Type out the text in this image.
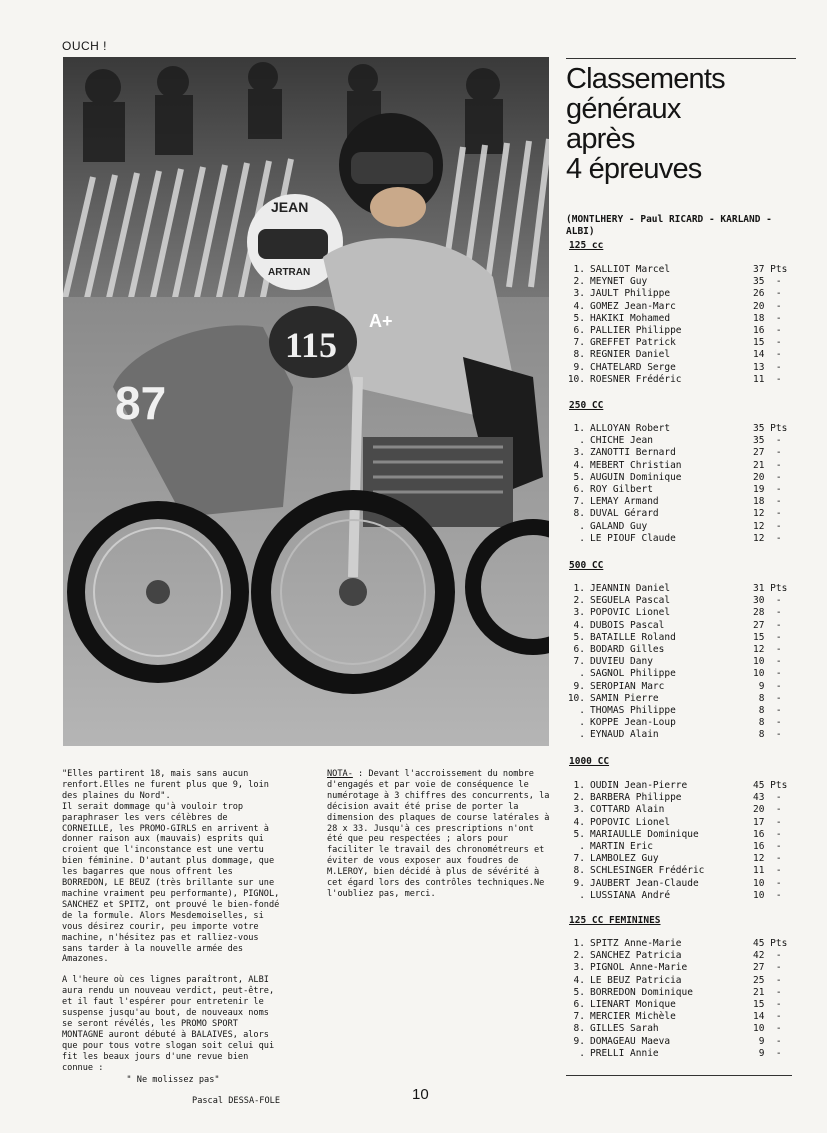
OUCH !
87
JEAN
ARTRAN
A+
115
Classements
généraux
après
4 épreuves
(MONTLHERY - Paul RICARD - KARLAND - ALBI)
125 cc
1. SALLIOT Marcel	37 Pts
2. MEYNET Guy	35  -
3. JAULT Philippe	26  -
4. GOMEZ Jean-Marc	20  -
5. HAKIKI Mohamed	18  -
6. PALLIER Philippe	16  -
7. GREFFET Patrick	15  -
8. REGNIER Daniel	14  -
9. CHATELARD Serge	13  -
10. ROESNER Frédéric	11  -
250 CC
1. ALLOYAN Robert	35 Pts
. CHICHE Jean	35  -
3. ZANOTTI Bernard	27  -
4. MEBERT Christian	21  -
5. AUGUIN Dominique	20  -
6. ROY Gilbert	19  -
7. LEMAY Armand	18  -
8. DUVAL Gérard	12  -
. GALAND Guy	12  -
. LE PIOUF Claude	12  -
500 CC
1. JEANNIN Daniel	31 Pts
2. SEGUELA Pascal	30  -
3. POPOVIC Lionel	28  -
4. DUBOIS Pascal	27  -
5. BATAILLE Roland	15  -
6. BODARD Gilles	12  -
7. DUVIEU Dany	10  -
. SAGNOL Philippe	10  -
9. SEROPIAN Marc	9  -
10. SAMIN Pierre	8  -
. THOMAS Philippe	8  -
. KOPPE Jean-Loup	8  -
. EYNAUD Alain	8  -
1000 CC
1. OUDIN Jean-Pierre	45 Pts
2. BARBERA Philippe	43  -
3. COTTARD Alain	20  -
4. POPOVIC Lionel	17  -
5. MARIAULLE Dominique	16  -
. MARTIN Eric	16  -
7. LAMBOLEZ Guy	12  -
8. SCHLESINGER Frédéric	11  -
9. JAUBERT Jean-Claude	10  -
. LUSSIANA André	10  -
125 CC FEMININES
1. SPITZ Anne-Marie	45 Pts
2. SANCHEZ Patricia	42  -
3. PIGNOL Anne-Marie	27  -
4. LE BEUZ Patricia	25  -
5. BORREDON Dominique	21  -
6. LIENART Monique	15  -
7. MERCIER Michèle	14  -
8. GILLES Sarah	10  -
9. DOMAGEAU Maeva	9  -
. PRELLI Annie	9  -

"Elles partirent 18, mais sans aucun renfort.Elles ne furent plus que 9, loin des plaines du Nord".

Il serait dommage qu'à vouloir trop paraphraser les vers célèbres de CORNEILLE, les PROMO-GIRLS en arrivent à donner raison aux (mauvais) esprits qui croient que l'inconstance est une vertu bien féminine. D'autant plus dommage, que les bagarres que nous offrent les BORREDON, LE BEUZ (très brillante sur une machine vraiment peu performante), PIGNOL, SANCHEZ et SPITZ, ont prouvé le bien-fondé de la formule. Alors Mesdemoiselles, si vous désirez courir, peu importe votre machine, n'hésitez pas et ralliez-vous sans tarder à la nouvelle armée des Amazones.

A l'heure où ces lignes paraîtront, ALBI aura rendu un nouveau verdict, peut-être, et il faut l'espérer pour entretenir le suspense jusqu'au bout, de nouveaux noms se seront révélés, les PROMO SPORT MONTAGNE auront débuté à BALAIVES, alors que pour tous votre slogan soit celui qui fit les beaux jours d'une revue bien connue :

" Ne molissez pas"

Pascal DESSA-FOLE

NOTA- : Devant l'accroissement du nombre d'engagés et par voie de conséquence le numérotage à 3 chiffres des concurrents, la décision avait été prise de porter la dimension des plaques de course latérales à 28 x 33. Jusqu'à ces prescriptions n'ont été que peu respectées ; alors pour faciliter le travail des chronométreurs et éviter de vous exposer aux foudres de M.LEROY, bien décidé à plus de sévérité à cet égard lors des contrôles techniques.Ne l'oubliez pas, merci.
10
